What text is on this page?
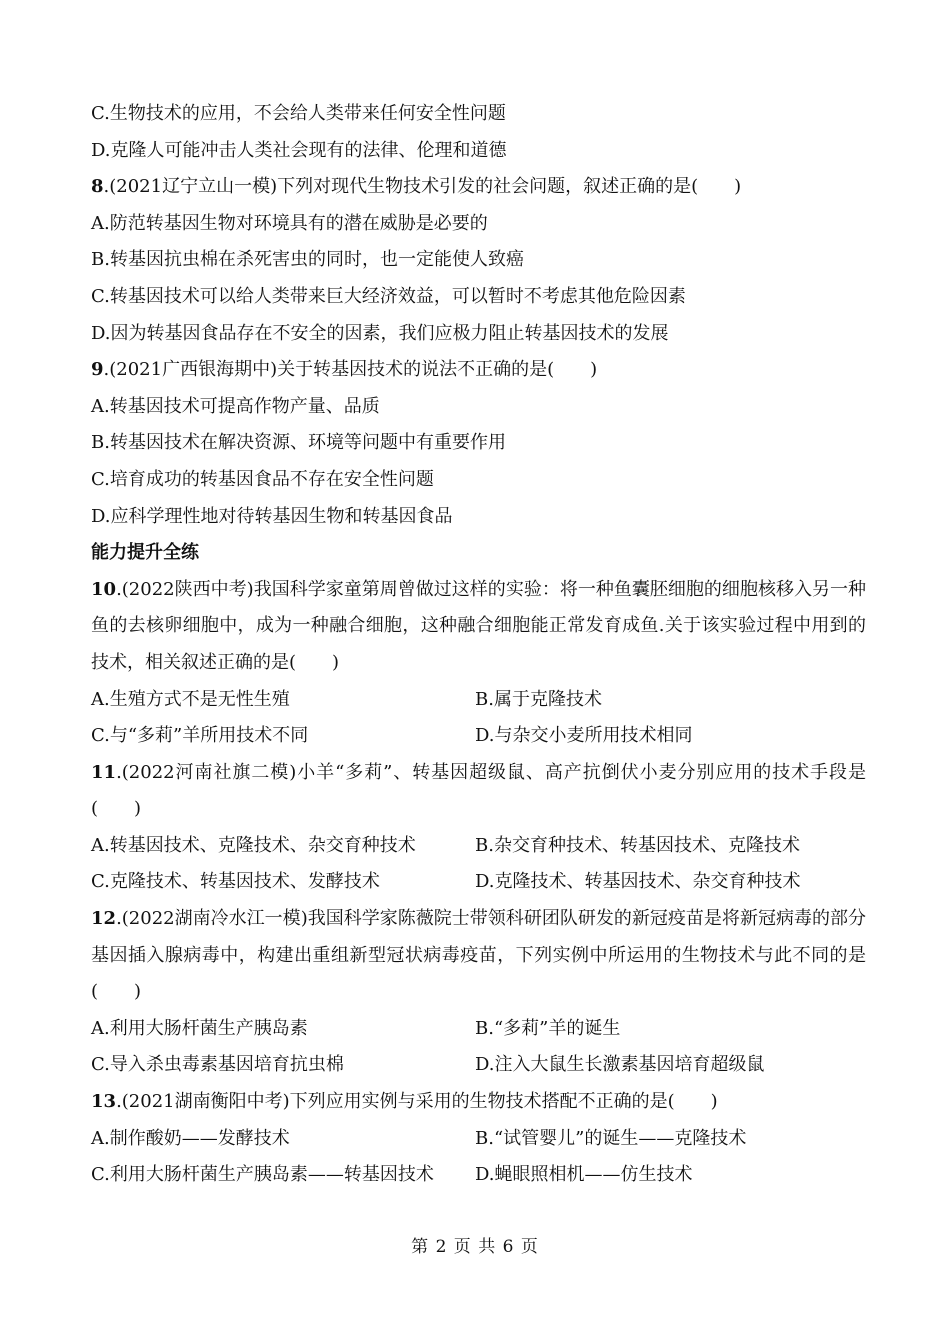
C.生物技术的应用，不会给人类带来任何安全性问题
D.克隆人可能冲击人类社会现有的法律、伦理和道德
8.(2021辽宁立山一模)下列对现代生物技术引发的社会问题，叙述正确的是(　　)
A.防范转基因生物对环境具有的潜在威胁是必要的
B.转基因抗虫棉在杀死害虫的同时，也一定能使人致癌
C.转基因技术可以给人类带来巨大经济效益，可以暂时不考虑其他危险因素
D.因为转基因食品存在不安全的因素，我们应极力阻止转基因技术的发展
9.(2021广西银海期中)关于转基因技术的说法不正确的是(　　)
A.转基因技术可提高作物产量、品质
B.转基因技术在解决资源、环境等问题中有重要作用
C.培育成功的转基因食品不存在安全性问题
D.应科学理性地对待转基因生物和转基因食品
能力提升全练
10.(2022陕西中考)我国科学家童第周曾做过这样的实验：将一种鱼囊胚细胞的细胞核移入另一种鱼的去核卵细胞中，成为一种融合细胞，这种融合细胞能正常发育成鱼.关于该实验过程中用到的技术，相关叙述正确的是(　　)
A.生殖方式不是无性生殖	B.属于克隆技术
C.与“多莉”羊所用技术不同	D.与杂交小麦所用技术相同
11.(2022河南社旗二模)小羊“多莉”、转基因超级鼠、高产抗倒伏小麦分别应用的技术手段是(　　)
A.转基因技术、克隆技术、杂交育种技术	B.杂交育种技术、转基因技术、克隆技术
C.克隆技术、转基因技术、发酵技术	D.克隆技术、转基因技术、杂交育种技术
12.(2022湖南冷水江一模)我国科学家陈薇院士带领科研团队研发的新冠疫苗是将新冠病毒的部分基因插入腺病毒中，构建出重组新型冠状病毒疫苗，下列实例中所运用的生物技术与此不同的是(　　)
A.利用大肠杆菌生产胰岛素	B.“多莉”羊的诞生
C.导入杀虫毒素基因培育抗虫棉	D.注入大鼠生长激素基因培育超级鼠
13.(2021湖南衡阳中考)下列应用实例与采用的生物技术搭配不正确的是(　　)
A.制作酸奶——发酵技术	B.“试管婴儿”的诞生——克隆技术
C.利用大肠杆菌生产胰岛素——转基因技术	D.蝇眼照相机——仿生技术
第 2 页 共 6 页
